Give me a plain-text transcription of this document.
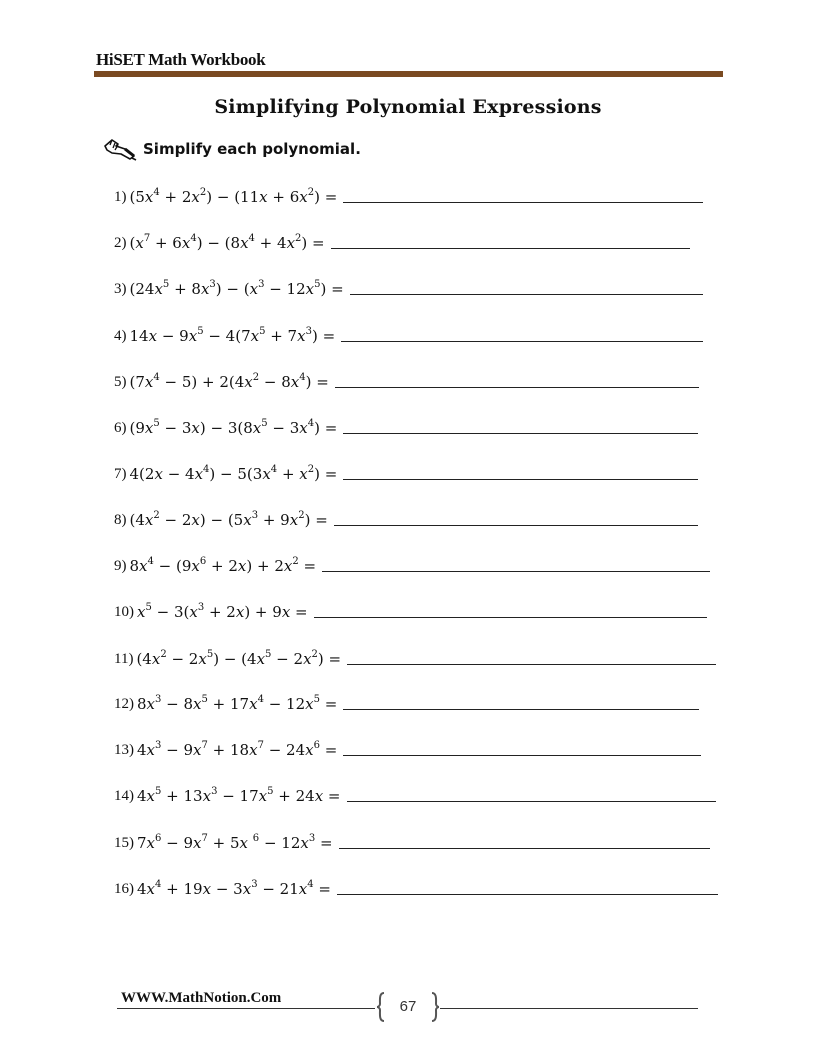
HiSET Math Workbook
Simplifying Polynomial Expressions
Simplify each polynomial.
1) $(5x^4 + 2x^2) - (11x + 6x^2)$ =
2) $(x^7 + 6x^4) - (8x^4 + 4x^2)$ =
3) $(24x^5 + 8x^3) - (x^3 - 12x^5)$ =
4) $14x - 9x^5 - 4(7x^5 + 7x^3)$ =
5) $(7x^4 - 5) + 2(4x^2 - 8x^4)$ =
6) $(9x^5 - 3x) - 3(8x^5 - 3x^4)$ =
7) $4(2x - 4x^4) - 5(3x^4 + x^2)$ =
8) $(4x^2 - 2x) - (5x^3 + 9x^2)$ =
9) $8x^4 - (9x^6 + 2x) + 2x^2$ =
10) $x^5 - 3(x^3 + 2x) + 9x$ =
11) $(4x^2 - 2x^5) - (4x^5 - 2x^2)$ =
12) $8x^3 - 8x^5 + 17x^4 - 12x^5$ =
13) $4x^3 - 9x^7 + 18x^7 - 24x^6$ =
14) $4x^5 + 13x^3 - 17x^5 + 24x$ =
15) $7x^6 - 9x^7 + 5x$ $^6 - 12x^3$ =
16) $4x^4 + 19x - 3x^3 - 21x^4$ =
WWW.MathNotion.Com	67
